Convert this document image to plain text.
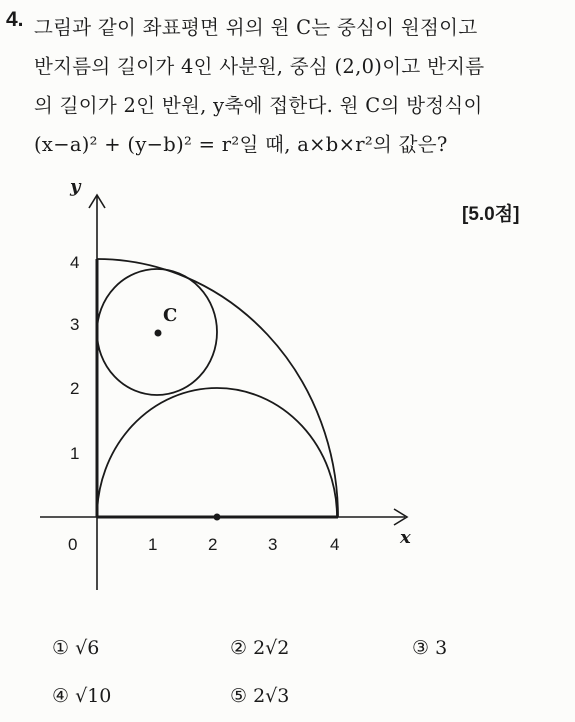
4. 그림과 같이 좌표평면 위의 원 C는 중심이 원점이고
반지름의 길이가 4인 사분원, 중심 (2,0)이고 반지름
의 길이가 2인 반원, y축에 접한다. 원 C의 방정식이
(x−a)² + (y−b)² = r²일 때, a×b×r²의 값은?
[5.0점]
C
y
x
0	1	2	3	4
1
2
3
4
① √6	② 2√2	③ 3
④ √10	⑤ 2√3
